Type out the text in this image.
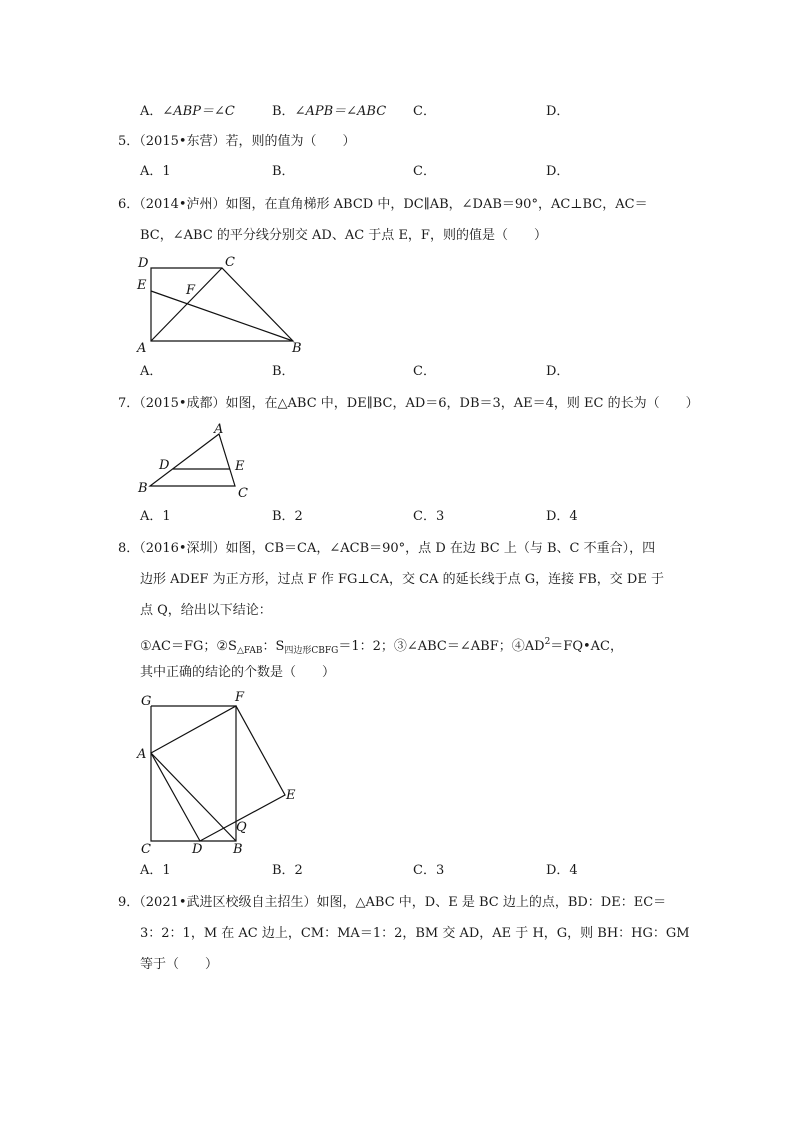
A．∠ABP＝∠C	B．∠APB＝∠ABC C．	D．
5．（2015•东营）若，则的值为（　　）
A．1	B．	C．	D．
6．（2014•泸州）如图，在直角梯形 ABCD 中，DC∥AB，∠DAB＝90°，AC⊥BC，AC＝
BC，∠ABC 的平分线分别交 AD、AC 于点 E，F，则的值是（　　）
D	C
E	F
A	B
A．	B．	C．	D．
7．（2015•成都）如图，在△ABC 中，DE∥BC，AD＝6，DB＝3，AE＝4，则 EC 的长为（　　）
A
D	E
B	C
A．1	B．2	C．3	D．4
8．（2016•深圳）如图，CB＝CA，∠ACB＝90°，点 D 在边 BC 上（与 B、C 不重合），四
边形 ADEF 为正方形，过点 F 作 FG⊥CA，交 CA 的延长线于点 G，连接 FB，交 DE 于
点 Q，给出以下结论：
①AC＝FG；$②S_{\triangle FAB}$：$S_{四边形CBFG}=1$：2；③∠ABC＝∠ABF；$④AD^2=FQ•AC$，
其中正确的结论的个数是（　　）
G	F
A
E
Q
C	D B
A．1	B．2	C．3	D．4
9．（2021•武进区校级自主招生）如图，△ABC 中，D、E 是 BC 边上的点，BD：DE：EC＝
3：2：1，M 在 AC 边上，CM：MA＝1：2，BM 交 AD，AE 于 H，G，则 BH：HG：GM
等于（　　）
